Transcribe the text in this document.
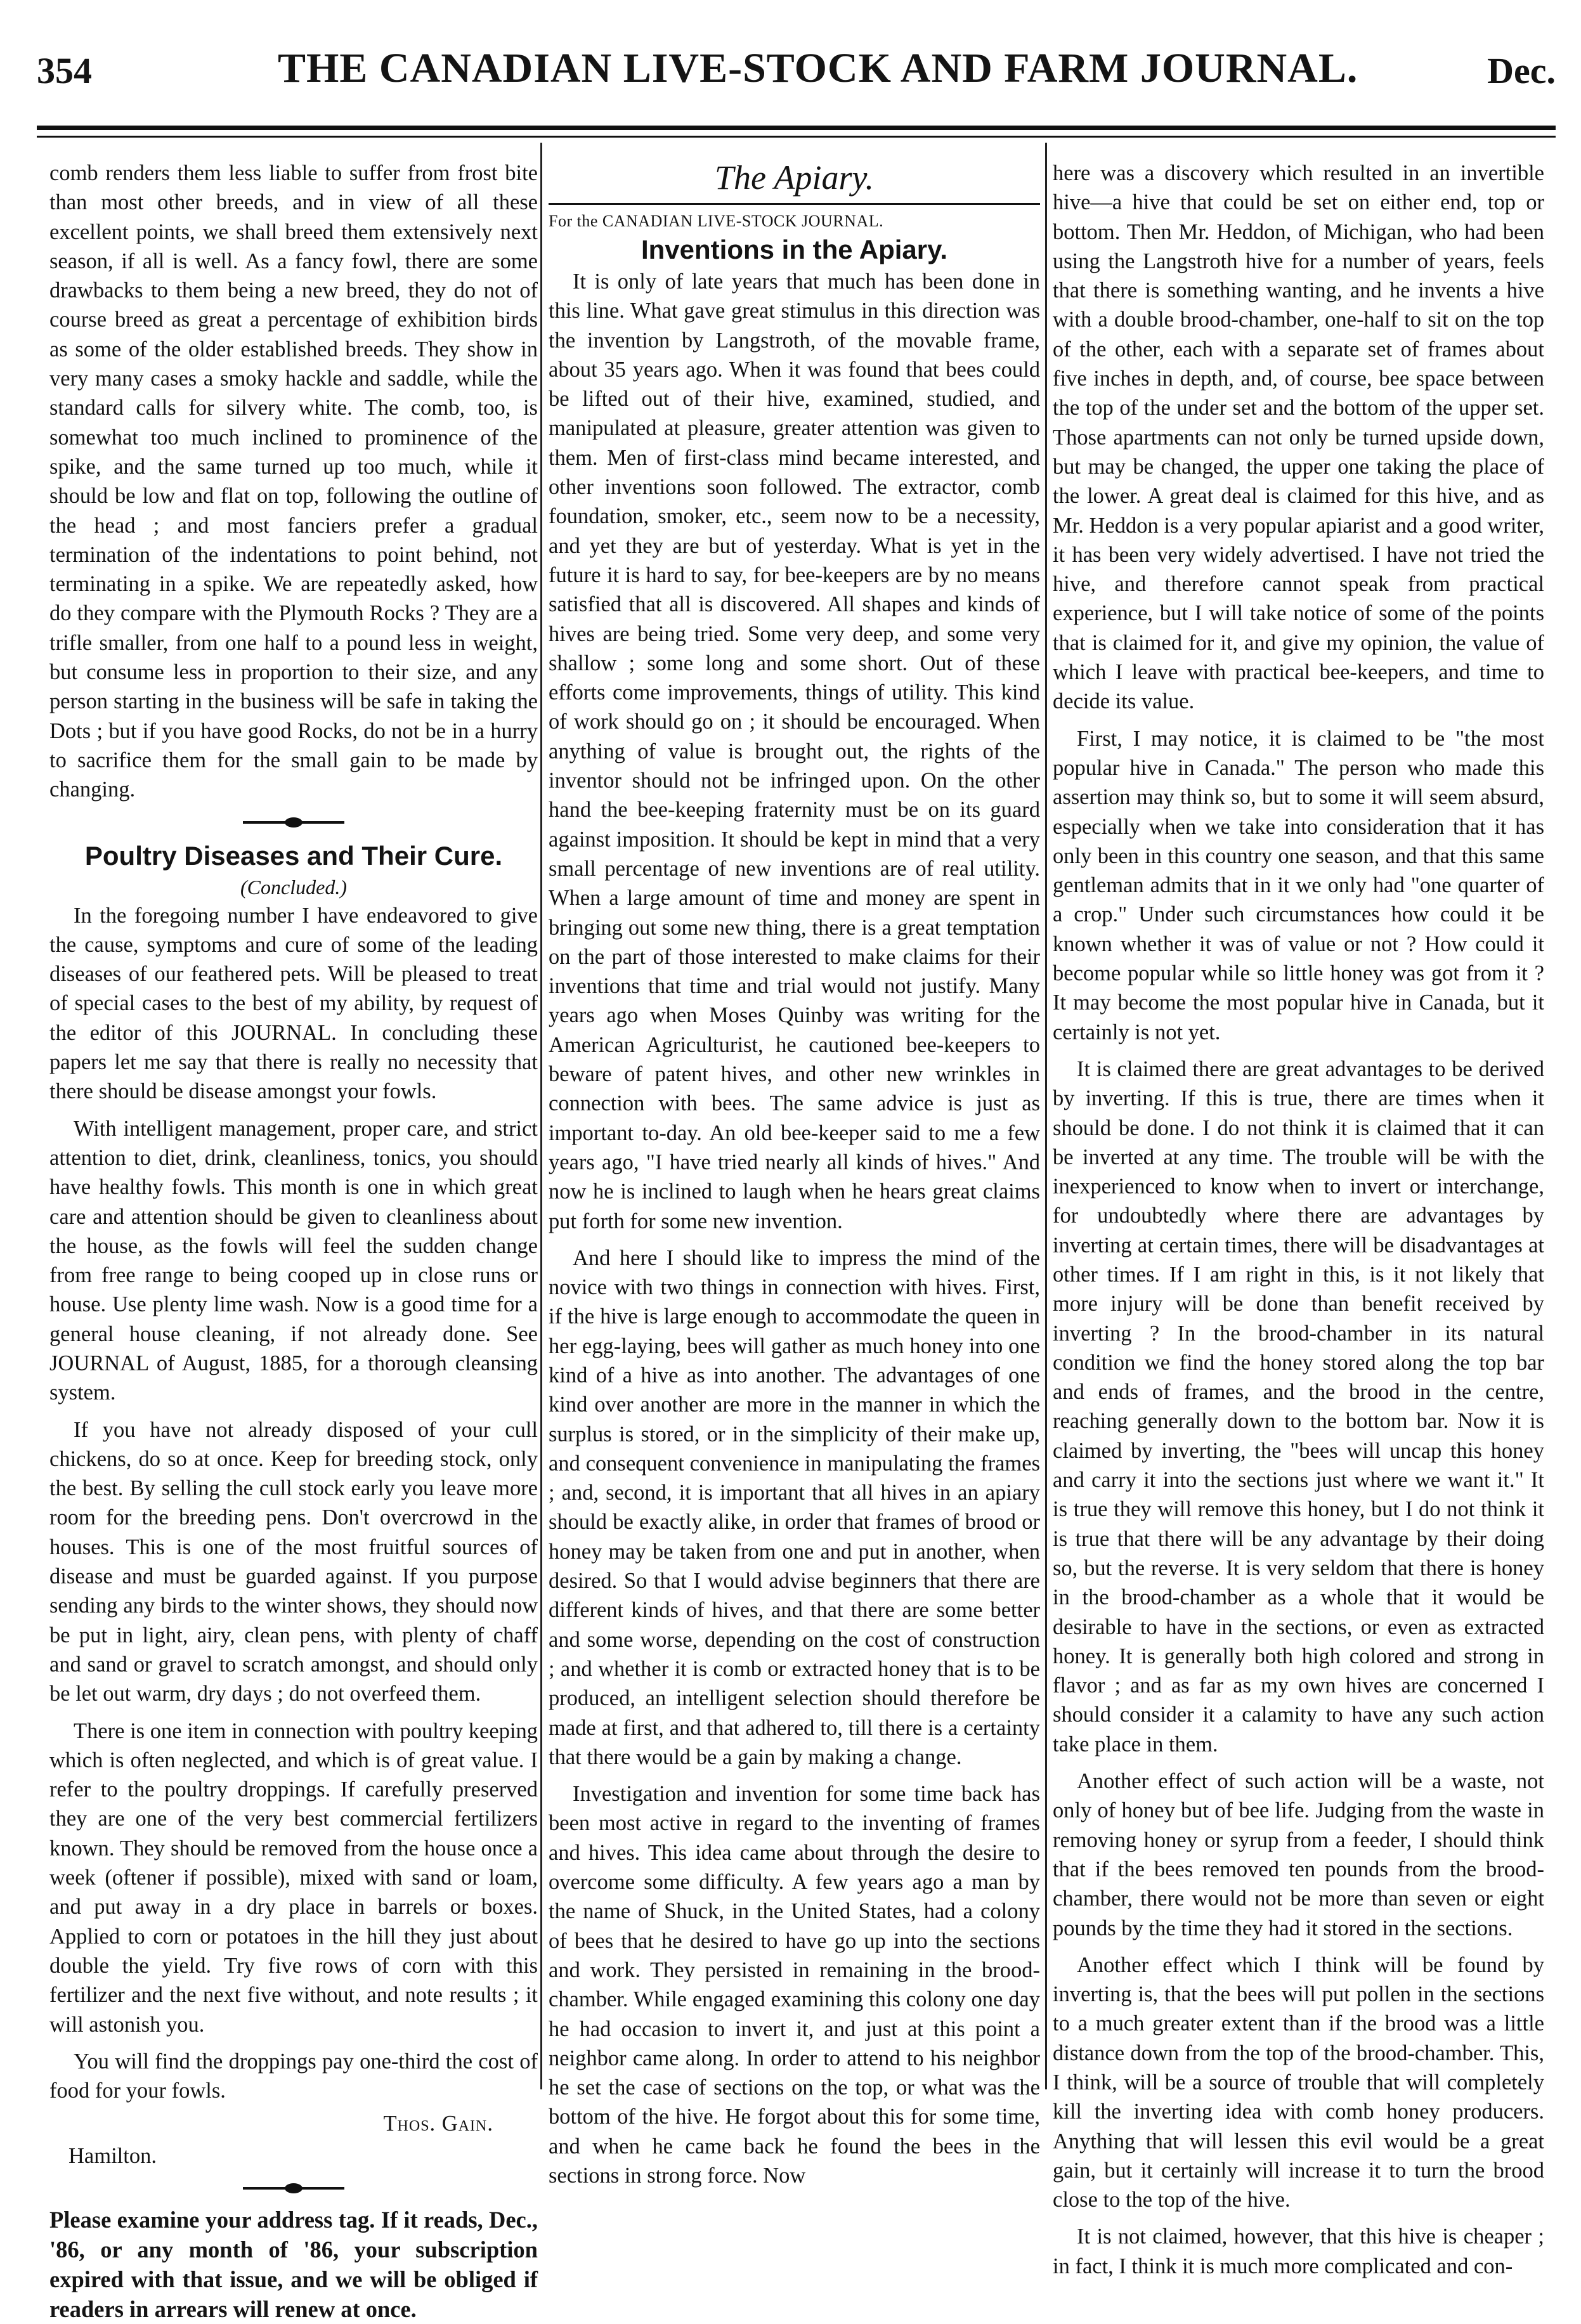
354	THE CANADIAN LIVE-STOCK AND FARM JOURNAL.	Dec.

comb renders them less liable to suffer from frost bite than most other breeds, and in view of all these excellent points, we shall breed them extensively next season, if all is well. As a fancy fowl, there are some drawbacks to them being a new breed, they do not of course breed as great a percentage of exhibition birds as some of the older established breeds. They show in very many cases a smoky hackle and saddle, while the standard calls for silvery white. The comb, too, is somewhat too much inclined to prominence of the spike, and the same turned up too much, while it should be low and flat on top, following the outline of the head ; and most fanciers prefer a gradual termination of the indentations to point behind, not terminating in a spike. We are repeatedly asked, how do they compare with the Plymouth Rocks ? They are a trifle smaller, from one half to a pound less in weight, but consume less in proportion to their size, and any person starting in the business will be safe in taking the Dots ; but if you have good Rocks, do not be in a hurry to sacrifice them for the small gain to be made by changing.

Poultry Diseases and Their Cure.
(Concluded.)

In the foregoing number I have endeavored to give the cause, symptoms and cure of some of the leading diseases of our feathered pets. Will be pleased to treat of special cases to the best of my ability, by request of the editor of this JOURNAL. In concluding these papers let me say that there is really no necessity that there should be disease amongst your fowls.

With intelligent management, proper care, and strict attention to diet, drink, cleanliness, tonics, you should have healthy fowls. This month is one in which great care and attention should be given to cleanliness about the house, as the fowls will feel the sudden change from free range to being cooped up in close runs or house. Use plenty lime wash. Now is a good time for a general house cleaning, if not already done. See JOURNAL of August, 1885, for a thorough cleansing system.

If you have not already disposed of your cull chickens, do so at once. Keep for breeding stock, only the best. By selling the cull stock early you leave more room for the breeding pens. Don't overcrowd in the houses. This is one of the most fruitful sources of disease and must be guarded against. If you purpose sending any birds to the winter shows, they should now be put in light, airy, clean pens, with plenty of chaff and sand or gravel to scratch amongst, and should only be let out warm, dry days ; do not overfeed them.

There is one item in connection with poultry keeping which is often neglected, and which is of great value. I refer to the poultry droppings. If carefully preserved they are one of the very best commercial fertilizers known. They should be removed from the house once a week (oftener if possible), mixed with sand or loam, and put away in a dry place in barrels or boxes. Applied to corn or potatoes in the hill they just about double the yield. Try five rows of corn with this fertilizer and the next five without, and note results ; it will astonish you.

You will find the droppings pay one-third the cost of food for your fowls.

Thos. Gain.

Hamilton.

Please examine your address tag. If it reads, Dec., '86, or any month of '86, your subscription expired with that issue, and we will be obliged if readers in arrears will renew at once.

The Apiary.
For the CANADIAN LIVE-STOCK JOURNAL.
Inventions in the Apiary.

It is only of late years that much has been done in this line. What gave great stimulus in this direction was the invention by Langstroth, of the movable frame, about 35 years ago. When it was found that bees could be lifted out of their hive, examined, studied, and manipulated at pleasure, greater attention was given to them. Men of first-class mind became interested, and other inventions soon followed. The extractor, comb foundation, smoker, etc., seem now to be a necessity, and yet they are but of yesterday. What is yet in the future it is hard to say, for bee-keepers are by no means satisfied that all is discovered. All shapes and kinds of hives are being tried. Some very deep, and some very shallow ; some long and some short. Out of these efforts come improvements, things of utility. This kind of work should go on ; it should be encouraged. When anything of value is brought out, the rights of the inventor should not be infringed upon. On the other hand the bee-keeping fraternity must be on its guard against imposition. It should be kept in mind that a very small percentage of new inventions are of real utility. When a large amount of time and money are spent in bringing out some new thing, there is a great temptation on the part of those interested to make claims for their inventions that time and trial would not justify. Many years ago when Moses Quinby was writing for the American Agriculturist, he cautioned bee-keepers to beware of patent hives, and other new wrinkles in connection with bees. The same advice is just as important to-day. An old bee-keeper said to me a few years ago, "I have tried nearly all kinds of hives." And now he is inclined to laugh when he hears great claims put forth for some new invention.

And here I should like to impress the mind of the novice with two things in connection with hives. First, if the hive is large enough to accommodate the queen in her egg-laying, bees will gather as much honey into one kind of a hive as into another. The advantages of one kind over another are more in the manner in which the surplus is stored, or in the simplicity of their make up, and consequent convenience in manipulating the frames ; and, second, it is important that all hives in an apiary should be exactly alike, in order that frames of brood or honey may be taken from one and put in another, when desired. So that I would advise beginners that there are different kinds of hives, and that there are some better and some worse, depending on the cost of construction ; and whether it is comb or extracted honey that is to be produced, an intelligent selection should therefore be made at first, and that adhered to, till there is a certainty that there would be a gain by making a change.

Investigation and invention for some time back has been most active in regard to the inventing of frames and hives. This idea came about through the desire to overcome some difficulty. A few years ago a man by the name of Shuck, in the United States, had a colony of bees that he desired to have go up into the sections and work. They persisted in remaining in the brood-chamber. While engaged examining this colony one day he had occasion to invert it, and just at this point a neighbor came along. In order to attend to his neighbor he set the case of sections on the top, or what was the bottom of the hive. He forgot about this for some time, and when he came back he found the bees in the sections in strong force. Now

here was a discovery which resulted in an invertible hive—a hive that could be set on either end, top or bottom. Then Mr. Heddon, of Michigan, who had been using the Langstroth hive for a number of years, feels that there is something wanting, and he invents a hive with a double brood-chamber, one-half to sit on the top of the other, each with a separate set of frames about five inches in depth, and, of course, bee space between the top of the under set and the bottom of the upper set. Those apartments can not only be turned upside down, but may be changed, the upper one taking the place of the lower. A great deal is claimed for this hive, and as Mr. Heddon is a very popular apiarist and a good writer, it has been very widely advertised. I have not tried the hive, and therefore cannot speak from practical experience, but I will take notice of some of the points that is claimed for it, and give my opinion, the value of which I leave with practical bee-keepers, and time to decide its value.

First, I may notice, it is claimed to be "the most popular hive in Canada." The person who made this assertion may think so, but to some it will seem absurd, especially when we take into consideration that it has only been in this country one season, and that this same gentleman admits that in it we only had "one quarter of a crop." Under such circumstances how could it be known whether it was of value or not ? How could it become popular while so little honey was got from it ? It may become the most popular hive in Canada, but it certainly is not yet.

It is claimed there are great advantages to be derived by inverting. If this is true, there are times when it should be done. I do not think it is claimed that it can be inverted at any time. The trouble will be with the inexperienced to know when to invert or interchange, for undoubtedly where there are advantages by inverting at certain times, there will be disadvantages at other times. If I am right in this, is it not likely that more injury will be done than benefit received by inverting ? In the brood-chamber in its natural condition we find the honey stored along the top bar and ends of frames, and the brood in the centre, reaching generally down to the bottom bar. Now it is claimed by inverting, the "bees will uncap this honey and carry it into the sections just where we want it." It is true they will remove this honey, but I do not think it is true that there will be any advantage by their doing so, but the reverse. It is very seldom that there is honey in the brood-chamber as a whole that it would be desirable to have in the sections, or even as extracted honey. It is generally both high colored and strong in flavor ; and as far as my own hives are concerned I should consider it a calamity to have any such action take place in them.

Another effect of such action will be a waste, not only of honey but of bee life. Judging from the waste in removing honey or syrup from a feeder, I should think that if the bees removed ten pounds from the brood-chamber, there would not be more than seven or eight pounds by the time they had it stored in the sections.

Another effect which I think will be found by inverting is, that the bees will put pollen in the sections to a much greater extent than if the brood was a little distance down from the top of the brood-chamber. This, I think, will be a source of trouble that will completely kill the inverting idea with comb honey producers. Anything that will lessen this evil would be a great gain, but it certainly will increase it to turn the brood close to the top of the hive.

It is not claimed, however, that this hive is cheaper ; in fact, I think it is much more complicated and con-
